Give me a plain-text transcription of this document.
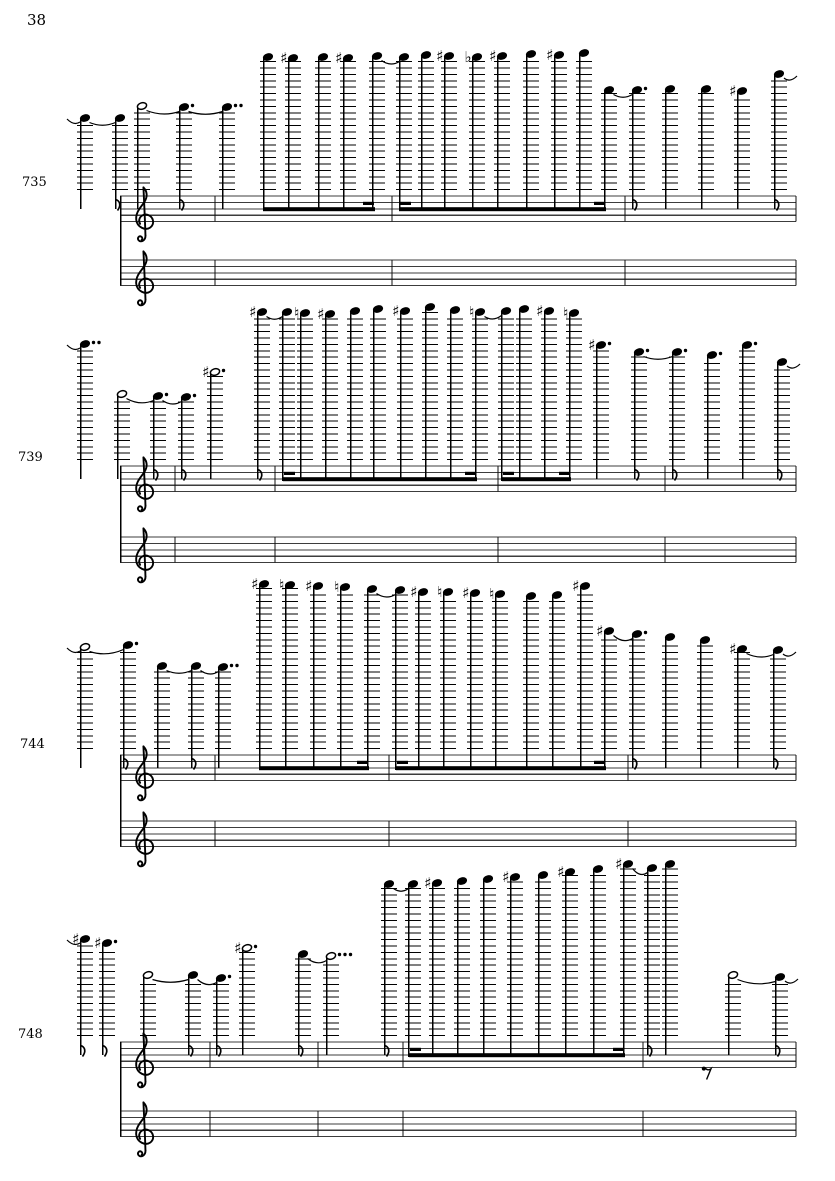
38
735
739
744
748
♯	♯	♯ ♭ ♯	♯
♯
♯
♯	♮ ♯	♯	♮	♯ ♮
♯
♯ ♮ ♯ ♮	♯ ♮ ♯ ♮	♯
♯
♯
♯ ♯	♯
♯	♯	♯	♯
